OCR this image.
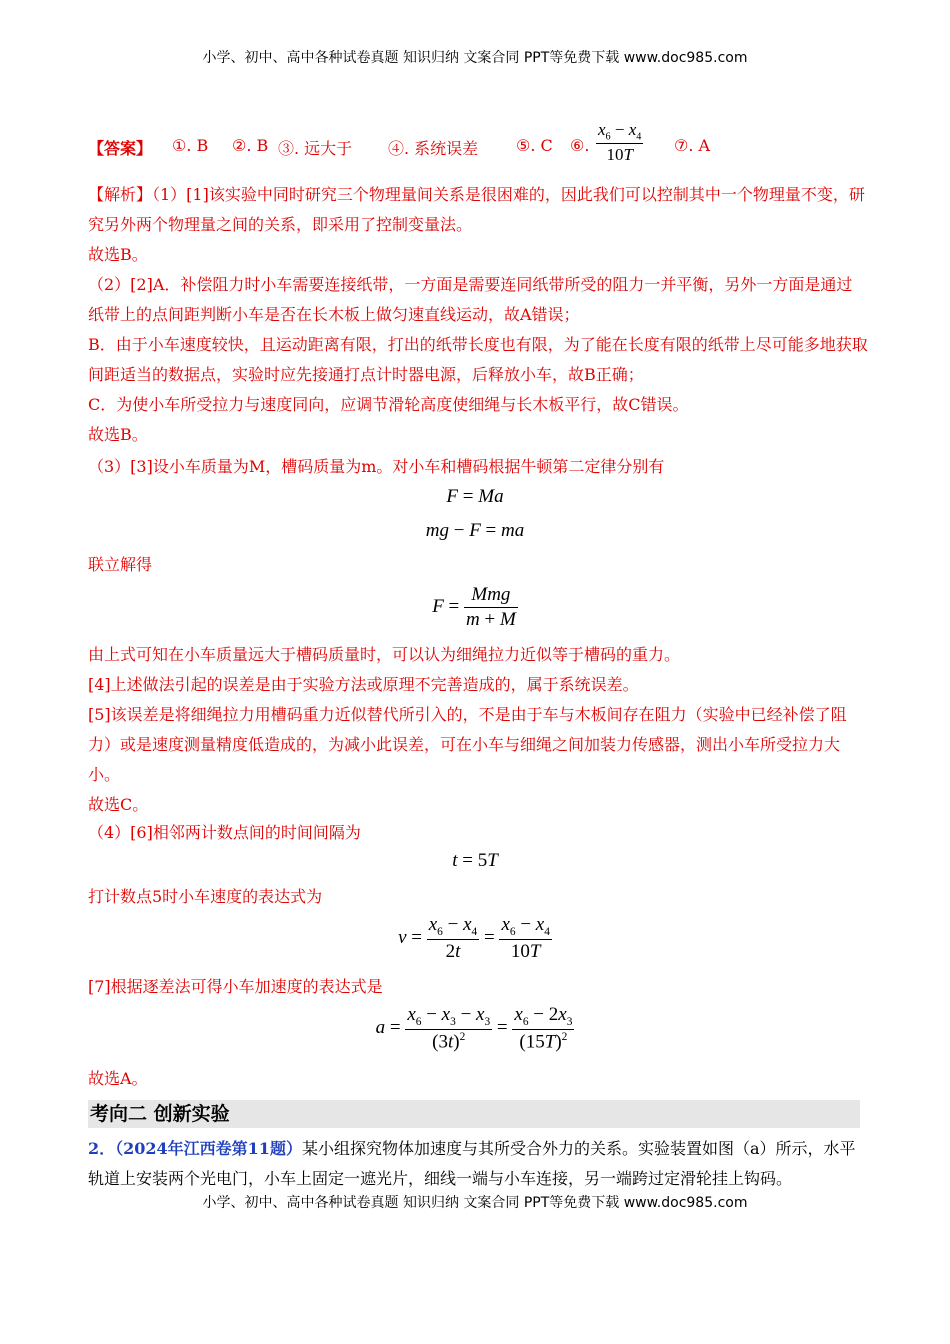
小学、初中、高中各种试卷真题 知识归纳 文案合同 PPT等免费下载 www.doc985.com
【答案】 ①. B ②. B ③. 远大于 ④. 系统误差 ⑤. C ⑥. $\frac{x_6 - x_4}{10T}$ ⑦. A
【解析】（1）[1]该实验中同时研究三个物理量间关系是很困难的，因此我们可以控制其中一个物理量不变，研究另外两个物理量之间的关系，即采用了控制变量法。
故选B。
（2）[2]A．补偿阻力时小车需要连接纸带，一方面是需要连同纸带所受的阻力一并平衡，另外一方面是通过纸带上的点间距判断小车是否在长木板上做匀速直线运动，故A错误；
B．由于小车速度较快，且运动距离有限，打出的纸带长度也有限，为了能在长度有限的纸带上尽可能多地获取间距适当的数据点，实验时应先接通打点计时器电源，后释放小车，故B正确；
C．为使小车所受拉力与速度同向，应调节滑轮高度使细绳与长木板平行，故C错误。
故选B。
（3）[3]设小车质量为M，槽码质量为m。对小车和槽码根据牛顿第二定律分别有
F = Ma
mg − F = ma
联立解得
$F = \frac{\text{Mmg}}{m + M}$
由上式可知在小车质量远大于槽码质量时，可以认为细绳拉力近似等于槽码的重力。
[4]上述做法引起的误差是由于实验方法或原理不完善造成的，属于系统误差。
[5]该误差是将细绳拉力用槽码重力近似替代所引入的，不是由于车与木板间存在阻力（实验中已经补偿了阻力）或是速度测量精度低造成的，为减小此误差，可在小车与细绳之间加装力传感器，测出小车所受拉力大小。
故选C。
（4）[6]相邻两计数点间的时间间隔为
t = 5T
打计数点5时小车速度的表达式为
$v = \frac{x_6 - x_4}{2t} = \frac{x_6 - x_4}{10T}$
[7]根据逐差法可得小车加速度的表达式是
$a = \frac{x_6 - x_3 - x_3}{(3t)^2} = \frac{x_6 - 2x_3}{(15T)^2}$
故选A。
考向二 创新实验
2．（2024年江西卷第11题）某小组探究物体加速度与其所受合外力的关系。实验装置如图（a）所示，水平轨道上安装两个光电门，小车上固定一遮光片，细线一端与小车连接，另一端跨过定滑轮挂上钩码。
小学、初中、高中各种试卷真题 知识归纳 文案合同 PPT等免费下载 www.doc985.com
